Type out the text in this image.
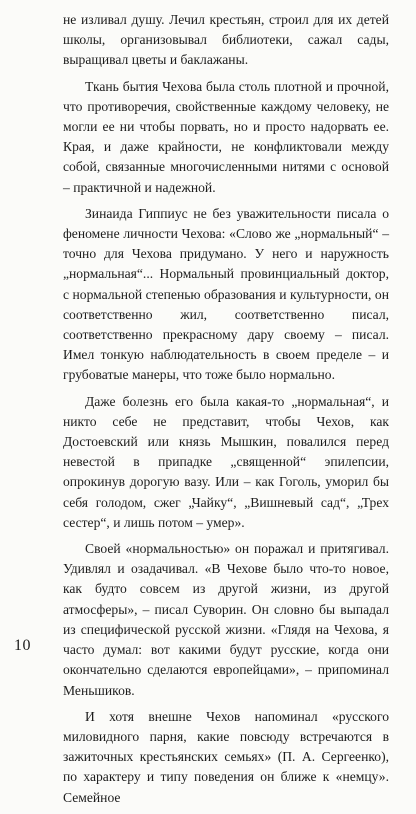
не изливал душу. Лечил крестьян, строил для их детей школы, организовывал библиотеки, сажал сады, выращивал цветы и баклажаны.

Ткань бытия Чехова была столь плотной и прочной, что противоречия, свойственные каждому человеку, не могли ее ни чтобы порвать, но и просто надорвать ее. Края, и даже крайности, не конфликтовали между собой, связанные многочисленными нитями с основой – практичной и надежной.

Зинаида Гиппиус не без уважительности писала о феномене личности Чехова: «Слово же „нормальный“ – точно для Чехова придумано. У него и наружность „нормальная“... Нормальный провинциальный доктор, с нормальной степенью образования и культурности, он соответственно жил, соответственно писал, соответственно прекрасному дару своему – писал. Имел тонкую наблюдательность в своем пределе – и грубоватые манеры, что тоже было нормально.

Даже болезнь его была какая-то „нормальная“, и никто себе не представит, чтобы Чехов, как Достоевский или князь Мышкин, повалился перед невестой в припадке „священной“ эпилепсии, опрокинув дорогую вазу. Или – как Гоголь, уморил бы себя голодом, сжег „Чайку“, „Вишневый сад“, „Трех сестер“, и лишь потом – умер».

Своей «нормальностью» он поражал и притягивал. Удивлял и озадачивал. «В Чехове было что-то новое, как будто совсем из другой жизни, из другой атмосферы», – писал Суворин. Он словно бы выпадал из специфической русской жизни. «Глядя на Чехова, я часто думал: вот какими будут русские, когда они окончательно сделаются европейцами», – припоминал Меньшиков.

И хотя внешне Чехов напоминал «русского миловидного парня, какие повсюду встречаются в зажиточных крестьянских семьях» (П. А. Сергеенко), по характеру и типу поведения он ближе к «немцу». Семейное

10
